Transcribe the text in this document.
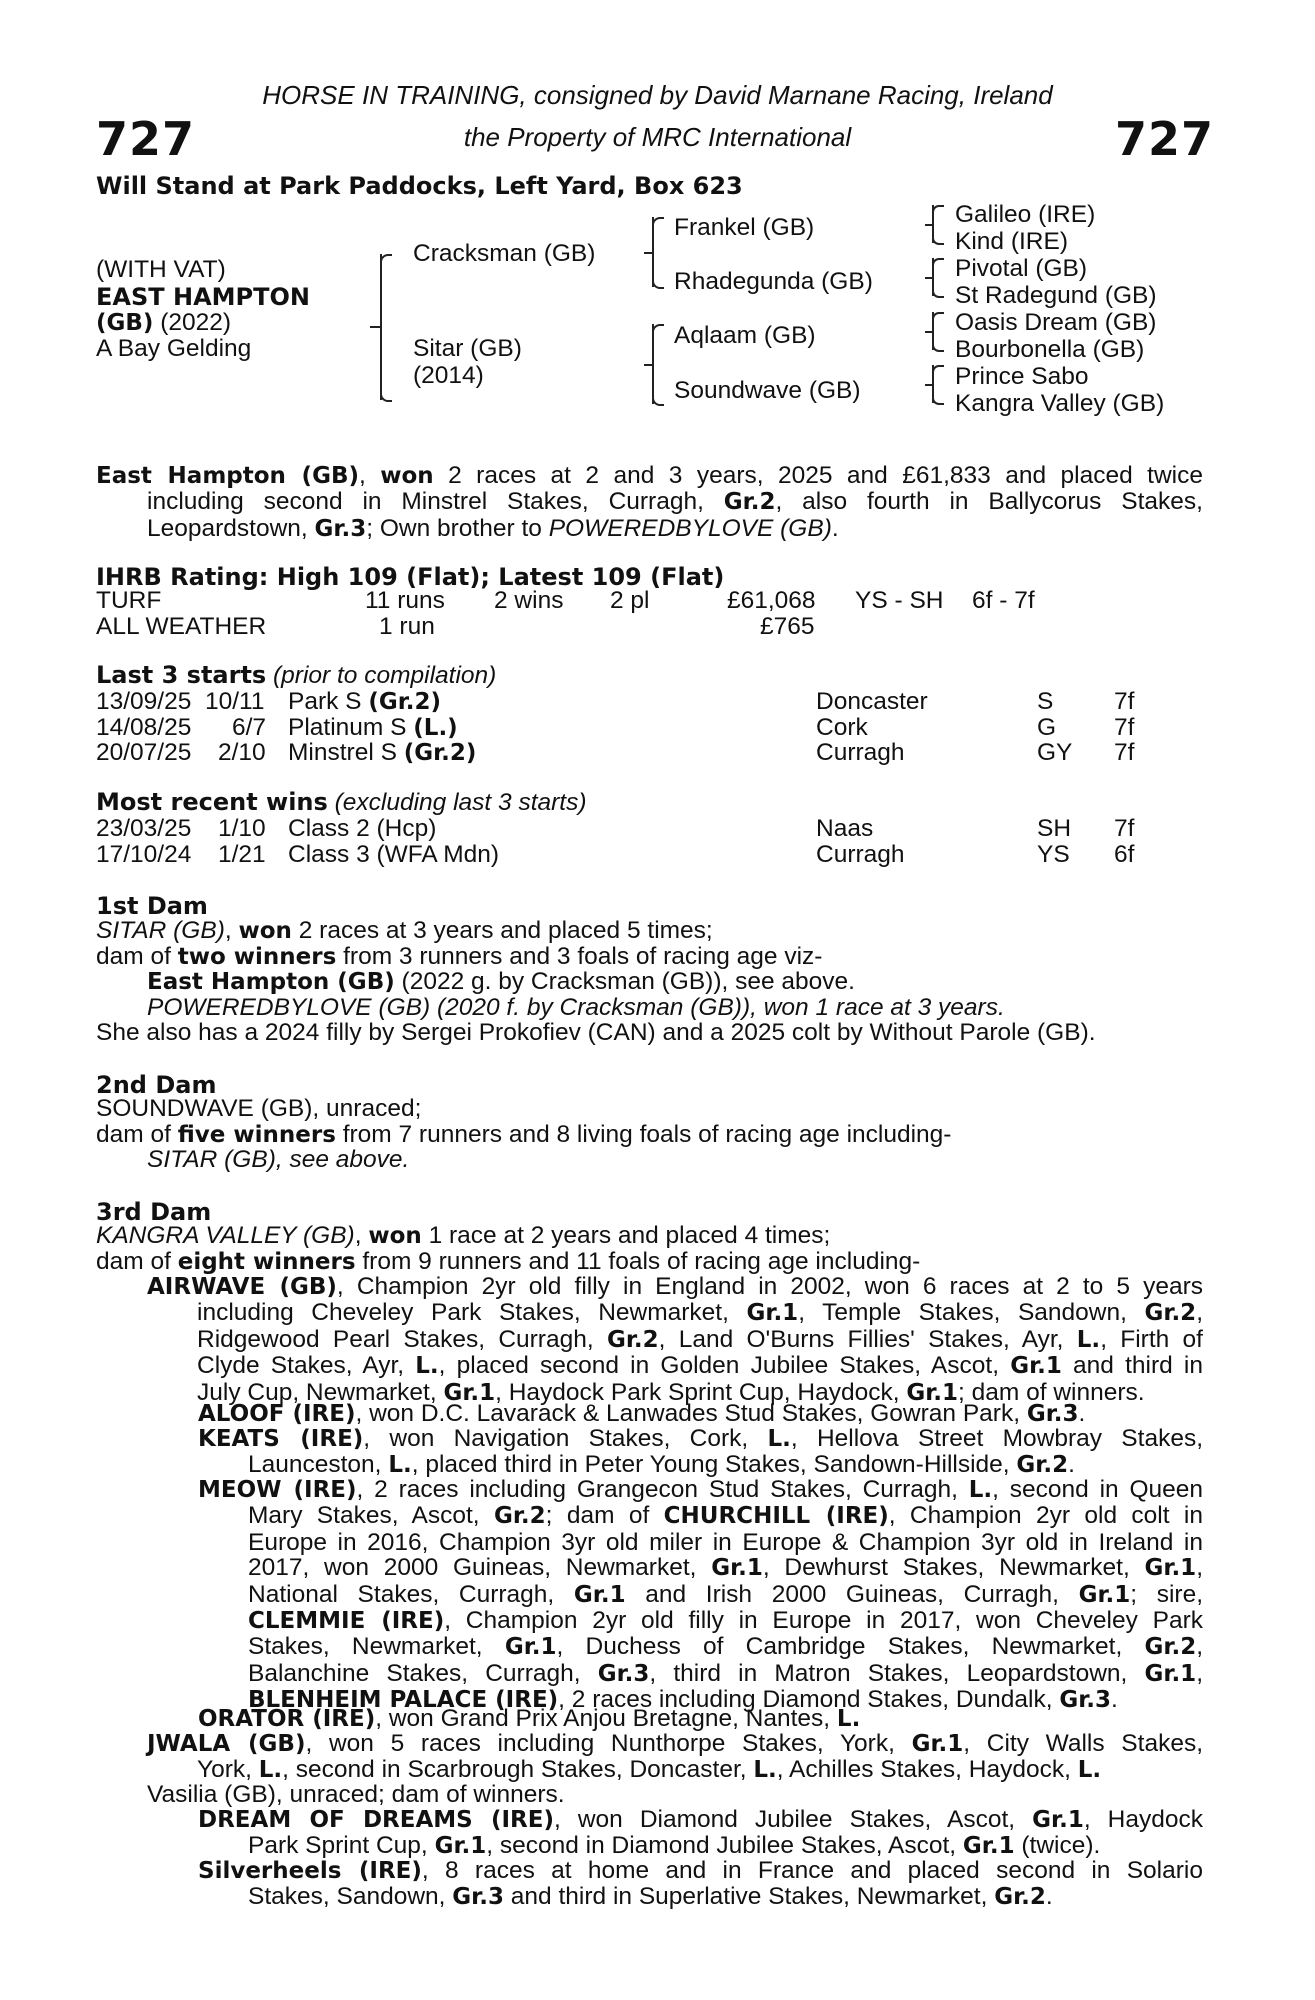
727	727
HORSE IN TRAINING, consigned by David Marnane Racing, Ireland
the Property of MRC International
Will Stand at Park Paddocks, Left Yard, Box 623
(WITH VAT)
EAST HAMPTON
(GB) (2022)
A Bay Gelding
Cracksman (GB)
Sitar (GB)
(2014)
Frankel (GB)
Rhadegunda (GB)
Aqlaam (GB)
Soundwave (GB)
Galileo (IRE)
Kind (IRE)
Pivotal (GB)
St Radegund (GB)
Oasis Dream (GB)
Bourbonella (GB)
Prince Sabo
Kangra Valley (GB)

East Hampton (GB), won 2 races at 2 and 3 years, 2025 and £61,833 and placed twice
including second in Minstrel Stakes, Curragh, Gr.2, also fourth in Ballycorus Stakes,
Leopardstown, Gr.3; Own brother to POWEREDBYLOVE (GB).

IHRB Rating: High 109 (Flat); Latest 109 (Flat)
TURF	11 runs 2 wins 2 pl	£61,068 YS - SH 6f - 7f
ALL WEATHER	1 run	£765
Last 3 starts (prior to compilation)
13/09/25 10/11 Park S (Gr.2)	Doncaster	S 7f
14/08/25 6/7 Platinum S (L.)	Cork	G 7f
20/07/25 2/10 Minstrel S (Gr.2)	Curragh	GY 7f
Most recent wins (excluding last 3 starts)
23/03/25 1/10 Class 2 (Hcp)	Naas	SH 7f
17/10/24 1/21 Class 3 (WFA Mdn)	Curragh	YS 6f
1st Dam
SITAR (GB), won 2 races at 3 years and placed 5 times;
dam of two winners from 3 runners and 3 foals of racing age viz-
East Hampton (GB) (2022 g. by Cracksman (GB)), see above.
POWEREDBYLOVE (GB) (2020 f. by Cracksman (GB)), won 1 race at 3 years.
She also has a 2024 filly by Sergei Prokofiev (CAN) and a 2025 colt by Without Parole (GB).
2nd Dam
SOUNDWAVE (GB), unraced;
dam of five winners from 7 runners and 8 living foals of racing age including-
SITAR (GB), see above.
3rd Dam
KANGRA VALLEY (GB), won 1 race at 2 years and placed 4 times;
dam of eight winners from 9 runners and 11 foals of racing age including-

AIRWAVE (GB), Champion 2yr old filly in England in 2002, won 6 races at 2 to 5 years
including Cheveley Park Stakes, Newmarket, Gr.1, Temple Stakes, Sandown, Gr.2,
Ridgewood Pearl Stakes, Curragh, Gr.2, Land O'Burns Fillies' Stakes, Ayr, L., Firth of
Clyde Stakes, Ayr, L., placed second in Golden Jubilee Stakes, Ascot, Gr.1 and third in
July Cup, Newmarket, Gr.1, Haydock Park Sprint Cup, Haydock, Gr.1; dam of winners.

ALOOF (IRE), won D.C. Lavarack & Lanwades Stud Stakes, Gowran Park, Gr.3.

KEATS (IRE), won Navigation Stakes, Cork, L., Hellova Street Mowbray Stakes,
Launceston, L., placed third in Peter Young Stakes, Sandown-Hillside, Gr.2.

MEOW (IRE), 2 races including Grangecon Stud Stakes, Curragh, L., second in Queen
Mary Stakes, Ascot, Gr.2; dam of CHURCHILL (IRE), Champion 2yr old colt in
Europe in 2016, Champion 3yr old miler in Europe & Champion 3yr old in Ireland in
2017, won 2000 Guineas, Newmarket, Gr.1, Dewhurst Stakes, Newmarket, Gr.1,
National Stakes, Curragh, Gr.1 and Irish 2000 Guineas, Curragh, Gr.1; sire,
CLEMMIE (IRE), Champion 2yr old filly in Europe in 2017, won Cheveley Park
Stakes, Newmarket, Gr.1, Duchess of Cambridge Stakes, Newmarket, Gr.2,
Balanchine Stakes, Curragh, Gr.3, third in Matron Stakes, Leopardstown, Gr.1,
BLENHEIM PALACE (IRE), 2 races including Diamond Stakes, Dundalk, Gr.3.

ORATOR (IRE), won Grand Prix Anjou Bretagne, Nantes, L.

JWALA (GB), won 5 races including Nunthorpe Stakes, York, Gr.1, City Walls Stakes,
York, L., second in Scarbrough Stakes, Doncaster, L., Achilles Stakes, Haydock, L.

Vasilia (GB), unraced; dam of winners.

DREAM OF DREAMS (IRE), won Diamond Jubilee Stakes, Ascot, Gr.1, Haydock
Park Sprint Cup, Gr.1, second in Diamond Jubilee Stakes, Ascot, Gr.1 (twice).

Silverheels (IRE), 8 races at home and in France and placed second in Solario
Stakes, Sandown, Gr.3 and third in Superlative Stakes, Newmarket, Gr.2.
